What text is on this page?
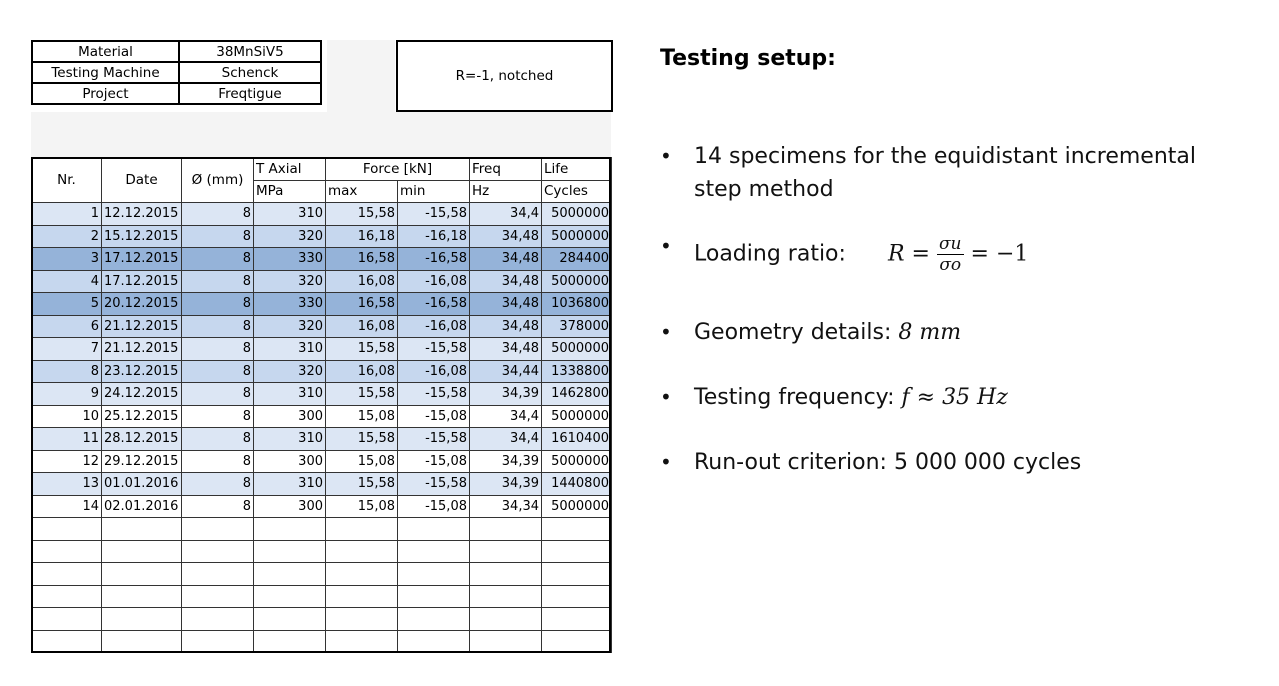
Material	38MnSiV5
Testing Machine	Schenck
Project	Freqtigue
R=-1, notched
Nr.	Date	Ø (mm)	T Axial	Force [kN]		Freq	Life
			MPa	max	min	Hz	Cycles
1	12.12.2015	8	310	15,58	-15,58	34,4	5000000
2	15.12.2015	8	320	16,18	-16,18	34,48	5000000
3	17.12.2015	8	330	16,58	-16,58	34,48	284400
4	17.12.2015	8	320	16,08	-16,08	34,48	5000000
5	20.12.2015	8	330	16,58	-16,58	34,48	1036800
6	21.12.2015	8	320	16,08	-16,08	34,48	378000
7	21.12.2015	8	310	15,58	-15,58	34,48	5000000
8	23.12.2015	8	320	16,08	-16,08	34,44	1338800
9	24.12.2015	8	310	15,58	-15,58	34,39	1462800
10	25.12.2015	8	300	15,08	-15,08	34,4	5000000
11	28.12.2015	8	310	15,58	-15,58	34,4	1610400
12	29.12.2015	8	300	15,08	-15,08	34,39	5000000
13	01.01.2016	8	310	15,58	-15,58	34,39	1440800
14	02.01.2016	8	300	15,08	-15,08	34,34	5000000

Testing setup:
• 14 specimens for the equidistant incremental
step method
• Loading ratio: $R = \frac{\sigma u}{\sigma o} = -1$
• Geometry details: 8 mm
• Testing frequency: f ≈ 35 Hz
• Run-out criterion: 5 000 000 cycles
